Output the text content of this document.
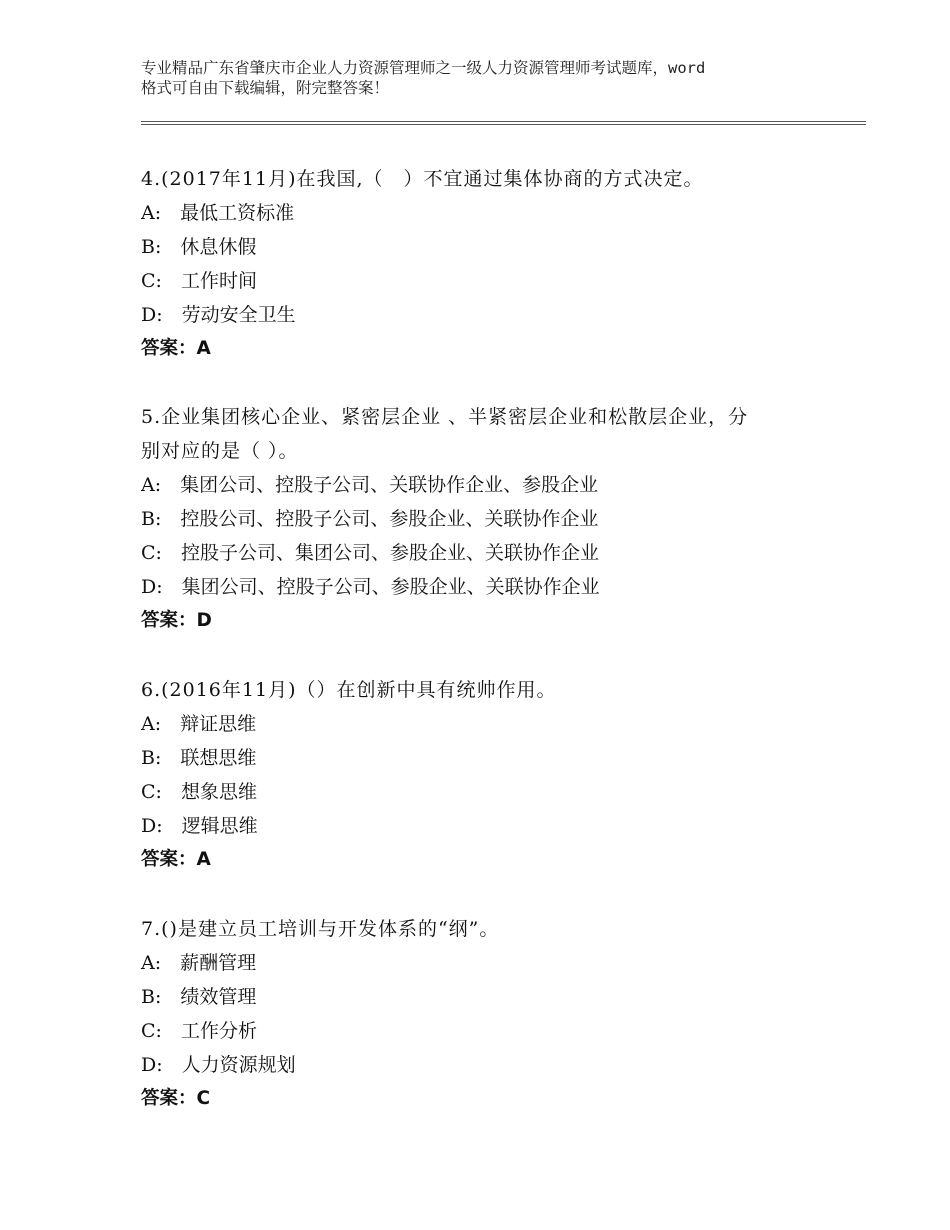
专业精品广东省肇庆市企业人力资源管理师之一级人力资源管理师考试题库，word
格式可自由下载编辑，附完整答案！
4.(2017年11月)在我国,（　）不宜通过集体协商的方式决定。
A:　最低工资标准
B:　休息休假
C:　工作时间
D:　劳动安全卫生
答案：A
5.企业集团核心企业、紧密层企业 、半紧密层企业和松散层企业，分
别对应的是（ ）。
A:　集团公司、控股子公司、关联协作企业、参股企业
B:　控股公司、控股子公司、参股企业、关联协作企业
C:　控股子公司、集团公司、参股企业、关联协作企业
D:　集团公司、控股子公司、参股企业、关联协作企业
答案：D
6.(2016年11月)（）在创新中具有统帅作用。
A:　辩证思维
B:　联想思维
C:　想象思维
D:　逻辑思维
答案：A
7.()是建立员工培训与开发体系的“纲”。
A:　薪酬管理
B:　绩效管理
C:　工作分析
D:　人力资源规划
答案：C
